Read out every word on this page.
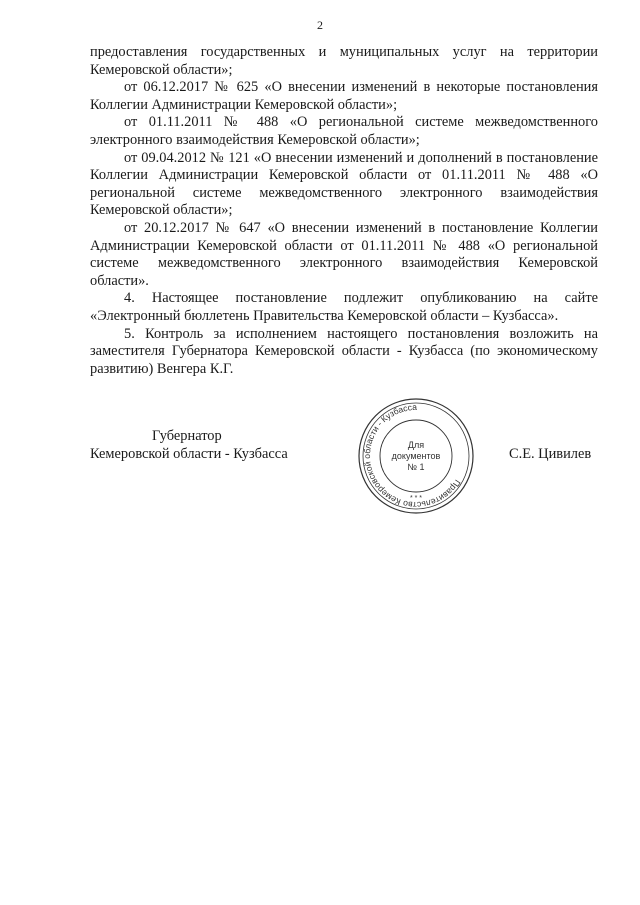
2

предоставления государственных и муниципальных услуг на территории Кемеровской области»;

от 06.12.2017 № 625 «О внесении изменений в некоторые постановления Коллегии Администрации Кемеровской области»;

от 01.11.2011 № 488 «О региональной системе межведомственного электронного взаимодействия Кемеровской области»;

от 09.04.2012 № 121 «О внесении изменений и дополнений в постановление Коллегии Администрации Кемеровской области от 01.11.2011 № 488 «О региональной системе межведомственного электронного взаимодействия Кемеровской области»;

от 20.12.2017 № 647 «О внесении изменений в постановление Коллегии Администрации Кемеровской области от 01.11.2011 № 488 «О региональной системе межведомственного электронного взаимодействия Кемеровской области».

4. Настоящее постановление подлежит опубликованию на сайте «Электронный бюллетень Правительства Кемеровской области – Кузбасса».

5. Контроль за исполнением настоящего постановления возложить на заместителя Губернатора Кемеровской области - Кузбасса (по экономическому развитию) Венгера К.Г.

Губернатор
Кемеровской области - Кузбасса	С.Е. Цивилев
Правительство Кемеровской области - Кузбасса
* * *
Для
документов
№ 1
